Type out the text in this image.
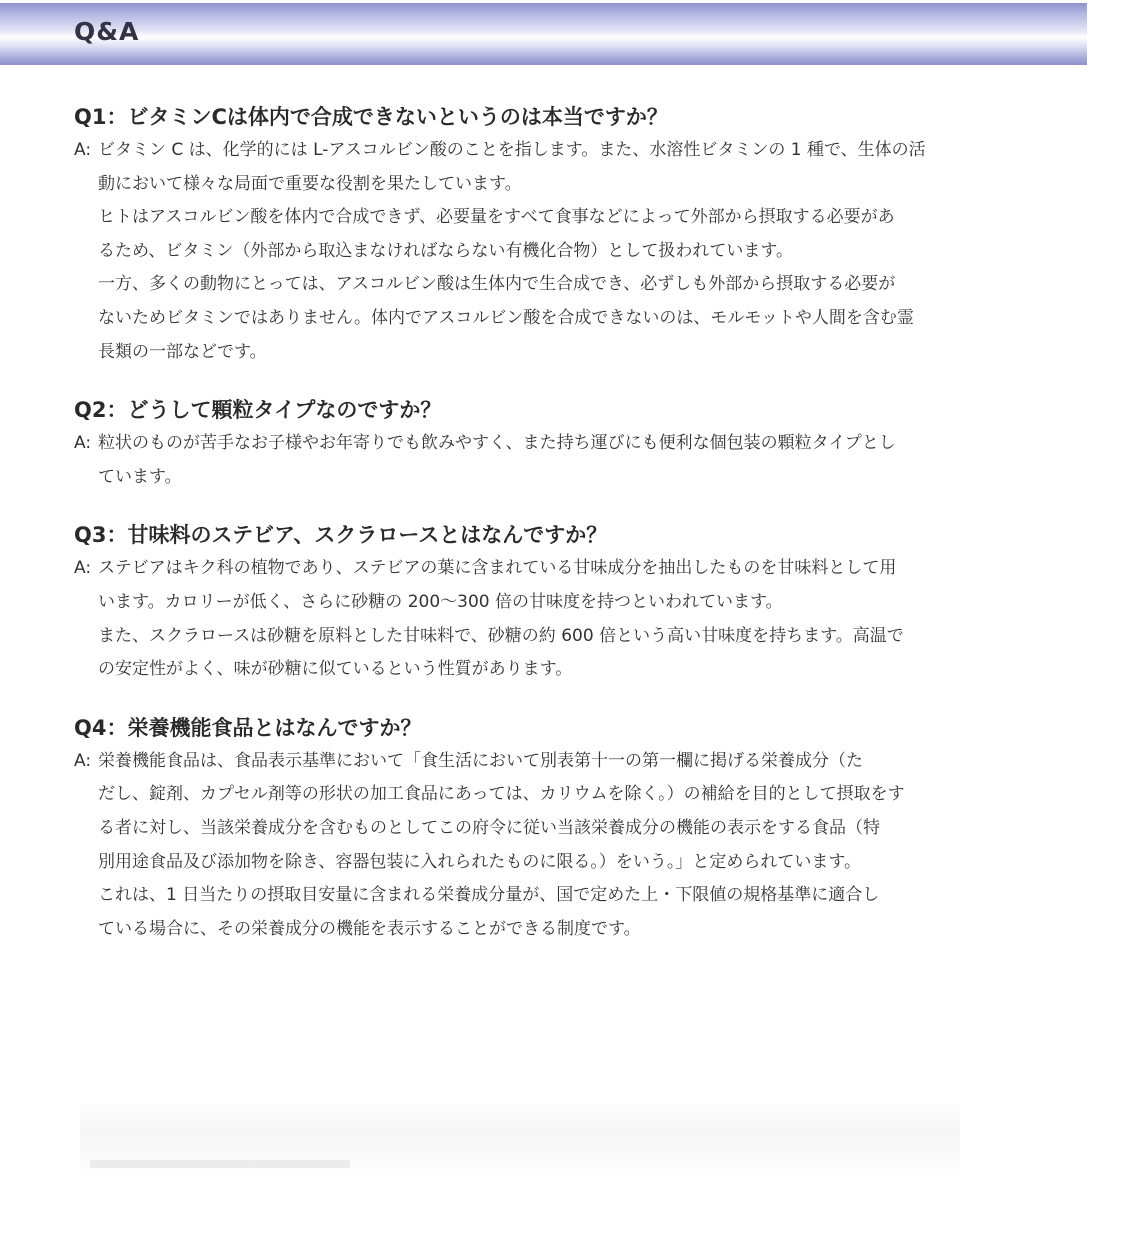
Q&A
Q1：ビタミンCは体内で合成できないというのは本当ですか？
A: ビタミン C は、化学的には L-アスコルビン酸のことを指します。また、水溶性ビタミンの 1 種で、生体の活
動において様々な局面で重要な役割を果たしています。
ヒトはアスコルビン酸を体内で合成できず、必要量をすべて食事などによって外部から摂取する必要があ
るため、ビタミン（外部から取込まなければならない有機化合物）として扱われています。
一方、多くの動物にとっては、アスコルビン酸は生体内で生合成でき、必ずしも外部から摂取する必要が
ないためビタミンではありません。体内でアスコルビン酸を合成できないのは、モルモットや人間を含む霊
長類の一部などです。
Q2：どうして顆粒タイプなのですか？
A: 粒状のものが苦手なお子様やお年寄りでも飲みやすく、また持ち運びにも便利な個包装の顆粒タイプとし
ています。
Q3：甘味料のステビア、スクラロースとはなんですか？
A: ステビアはキク科の植物であり、ステビアの葉に含まれている甘味成分を抽出したものを甘味料として用
います。カロリーが低く、さらに砂糖の 200～300 倍の甘味度を持つといわれています。
また、スクラロースは砂糖を原料とした甘味料で、砂糖の約 600 倍という高い甘味度を持ちます。高温で
の安定性がよく、味が砂糖に似ているという性質があります。
Q4：栄養機能食品とはなんですか？
A: 栄養機能食品は、食品表示基準において「食生活において別表第十一の第一欄に掲げる栄養成分（た
だし、錠剤、カプセル剤等の形状の加工食品にあっては、カリウムを除く。）の補給を目的として摂取をす
る者に対し、当該栄養成分を含むものとしてこの府令に従い当該栄養成分の機能の表示をする食品（特
別用途食品及び添加物を除き、容器包装に入れられたものに限る。）をいう。」と定められています。
これは、1 日当たりの摂取目安量に含まれる栄養成分量が、国で定めた上・下限値の規格基準に適合し
ている場合に、その栄養成分の機能を表示することができる制度です。
